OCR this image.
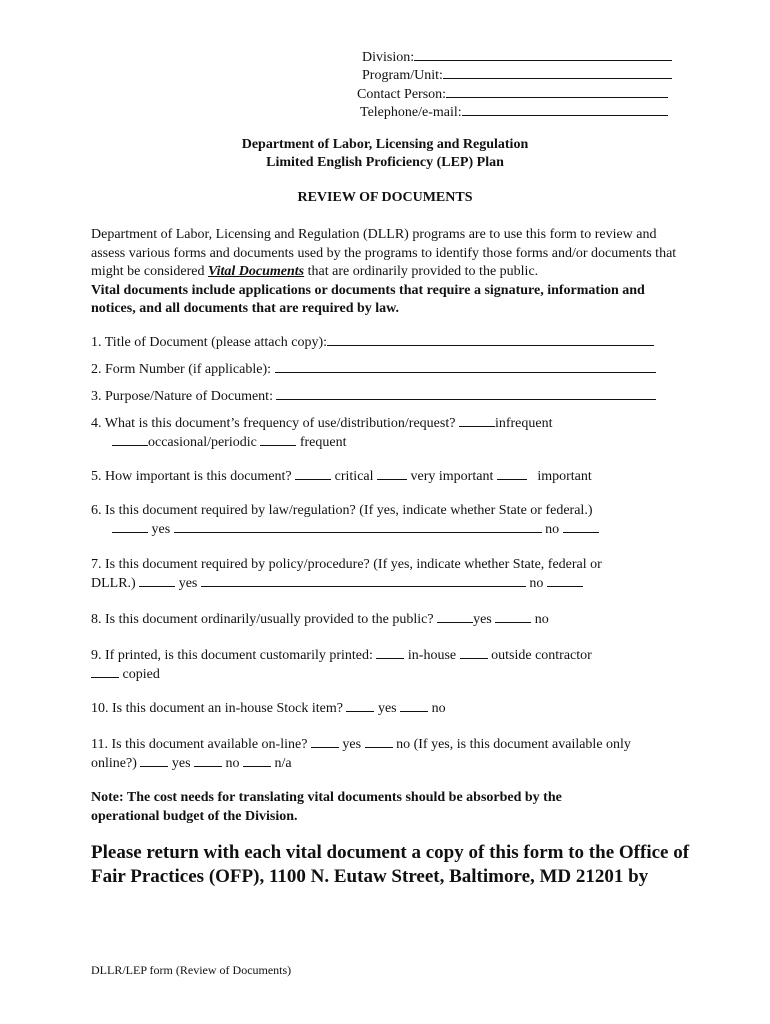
Division:
Program/Unit:
Contact Person:
Telephone/e-mail:
Department of Labor, Licensing and Regulation
Limited English Proficiency (LEP) Plan
REVIEW OF DOCUMENTS

Department of Labor, Licensing and Regulation (DLLR) programs are to use this form to review and assess various forms and documents used by the programs to identify those forms and/or documents that might be considered Vital Documents that are ordinarily provided to the public.
Vital documents include applications or documents that require a signature, information and notices, and all documents that are required by law.

1. Title of Document (please attach copy):
2. Form Number (if applicable):
3. Purpose/Nature of Document:
4. What is this document’s frequency of use/distribution/request?	infrequent
occasional/periodic	frequent
5. How important is this document?	critical	very important	important
6. Is this document required by law/regulation? (If yes, indicate whether State or federal.)
yes	no
7. Is this document required by policy/procedure? (If yes, indicate whether State, federal or
DLLR.)	yes	no
8. Is this document ordinarily/usually provided to the public?	yes	no
9. If printed, is this document customarily printed:	in-house	outside contractor
copied
10. Is this document an in-house Stock item?	yes	no
11. Is this document available on-line?	yes	no (If yes, is this document available only
online?)	yes	no	n/a
Note: The cost needs for translating vital documents should be absorbed by the
operational budget of the Division.
Please return with each vital document a copy of this form to the Office of
Fair Practices (OFP), 1100 N. Eutaw Street, Baltimore, MD 21201 by
DLLR/LEP form (Review of Documents)
